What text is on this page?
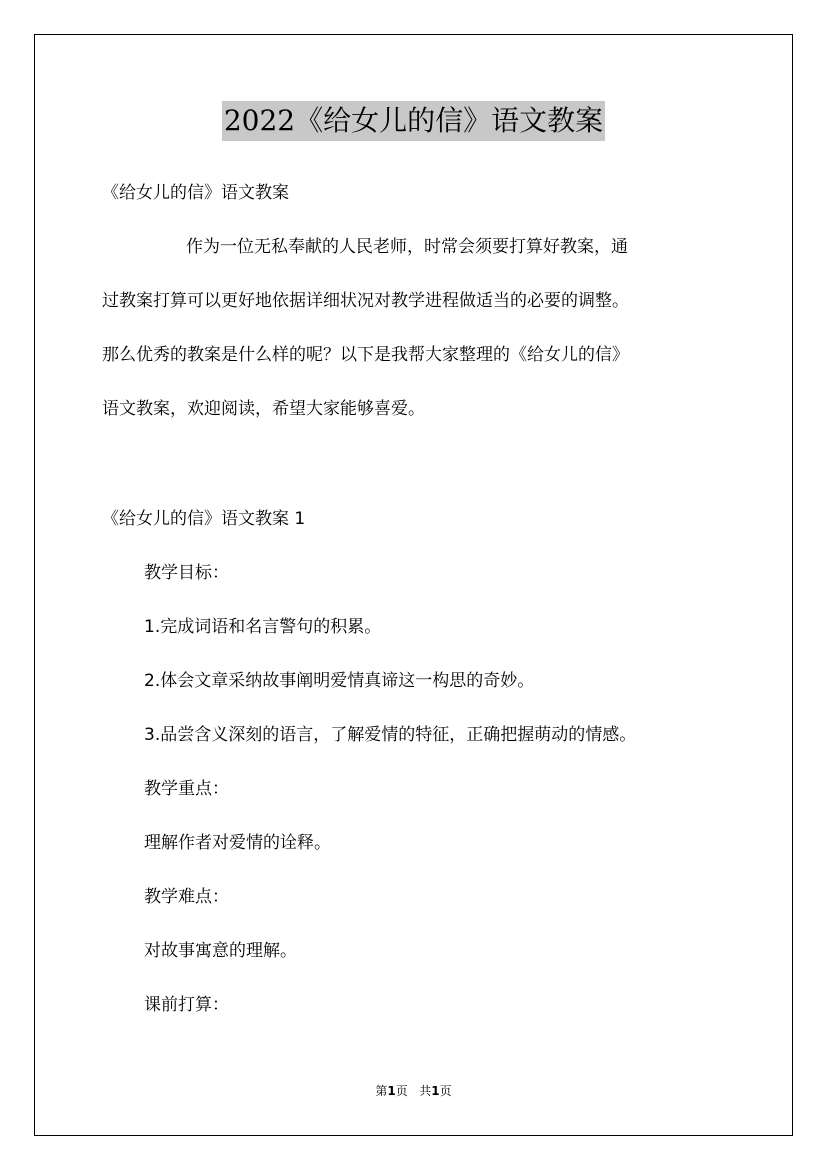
2022《给女儿的信》语文教案
《给女儿的信》语文教案
作为一位无私奉献的人民老师，时常会须要打算好教案，通
过教案打算可以更好地依据详细状况对教学进程做适当的必要的调整。
那么优秀的教案是什么样的呢？以下是我帮大家整理的《给女儿的信》
语文教案，欢迎阅读，希望大家能够喜爱。
《给女儿的信》语文教案 1
教学目标：
1.完成词语和名言警句的积累。
2.体会文章采纳故事阐明爱情真谛这一构思的奇妙。
3.品尝含义深刻的语言，了解爱情的特征，正确把握萌动的情感。
教学重点：
理解作者对爱情的诠释。
教学难点：
对故事寓意的理解。
课前打算：
第1页   共1页
